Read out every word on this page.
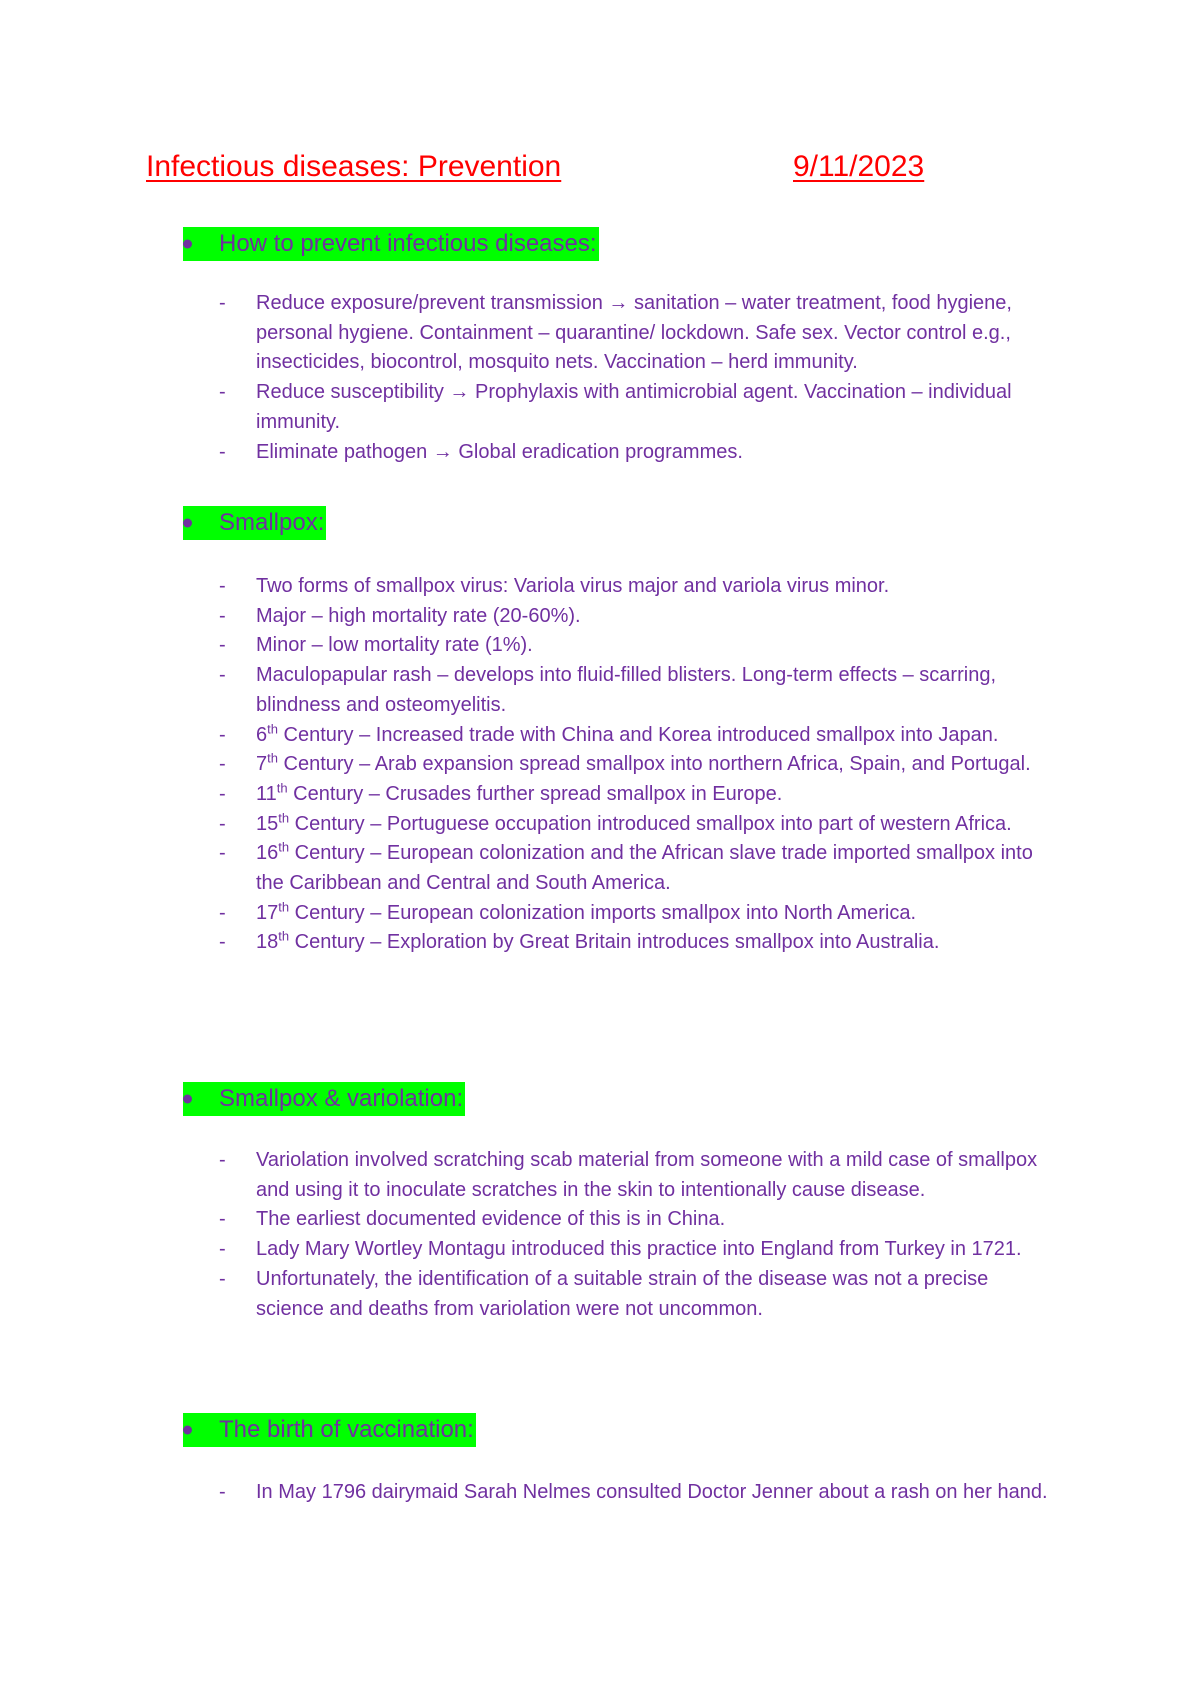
Infectious diseases: Prevention	9/11/2023
How to prevent infectious diseases:
- Reduce exposure/prevent transmission → sanitation – water treatment, food hygiene, personal hygiene. Containment – quarantine/ lockdown. Safe sex. Vector control e.g., insecticides, biocontrol, mosquito nets. Vaccination – herd immunity.
- Reduce susceptibility → Prophylaxis with antimicrobial agent. Vaccination – individual immunity.
- Eliminate pathogen → Global eradication programmes.
Smallpox:
- Two forms of smallpox virus: Variola virus major and variola virus minor.
- Major – high mortality rate (20-60%).
- Minor – low mortality rate (1%).
- Maculopapular rash – develops into fluid-filled blisters. Long-term effects – scarring, blindness and osteomyelitis.
- 6th Century – Increased trade with China and Korea introduced smallpox into Japan.
- 7th Century – Arab expansion spread smallpox into northern Africa, Spain, and Portugal.
- 11th Century – Crusades further spread smallpox in Europe.
- 15th Century – Portuguese occupation introduced smallpox into part of western Africa.
- 16th Century – European colonization and the African slave trade imported smallpox into the Caribbean and Central and South America.
- 17th Century – European colonization imports smallpox into North America.
- 18th Century – Exploration by Great Britain introduces smallpox into Australia.
Smallpox & variolation:
- Variolation involved scratching scab material from someone with a mild case of smallpox and using it to inoculate scratches in the skin to intentionally cause disease.
- The earliest documented evidence of this is in China.
- Lady Mary Wortley Montagu introduced this practice into England from Turkey in 1721.
- Unfortunately, the identification of a suitable strain of the disease was not a precise science and deaths from variolation were not uncommon.
The birth of vaccination:
- In May 1796 dairymaid Sarah Nelmes consulted Doctor Jenner about a rash on her hand.
